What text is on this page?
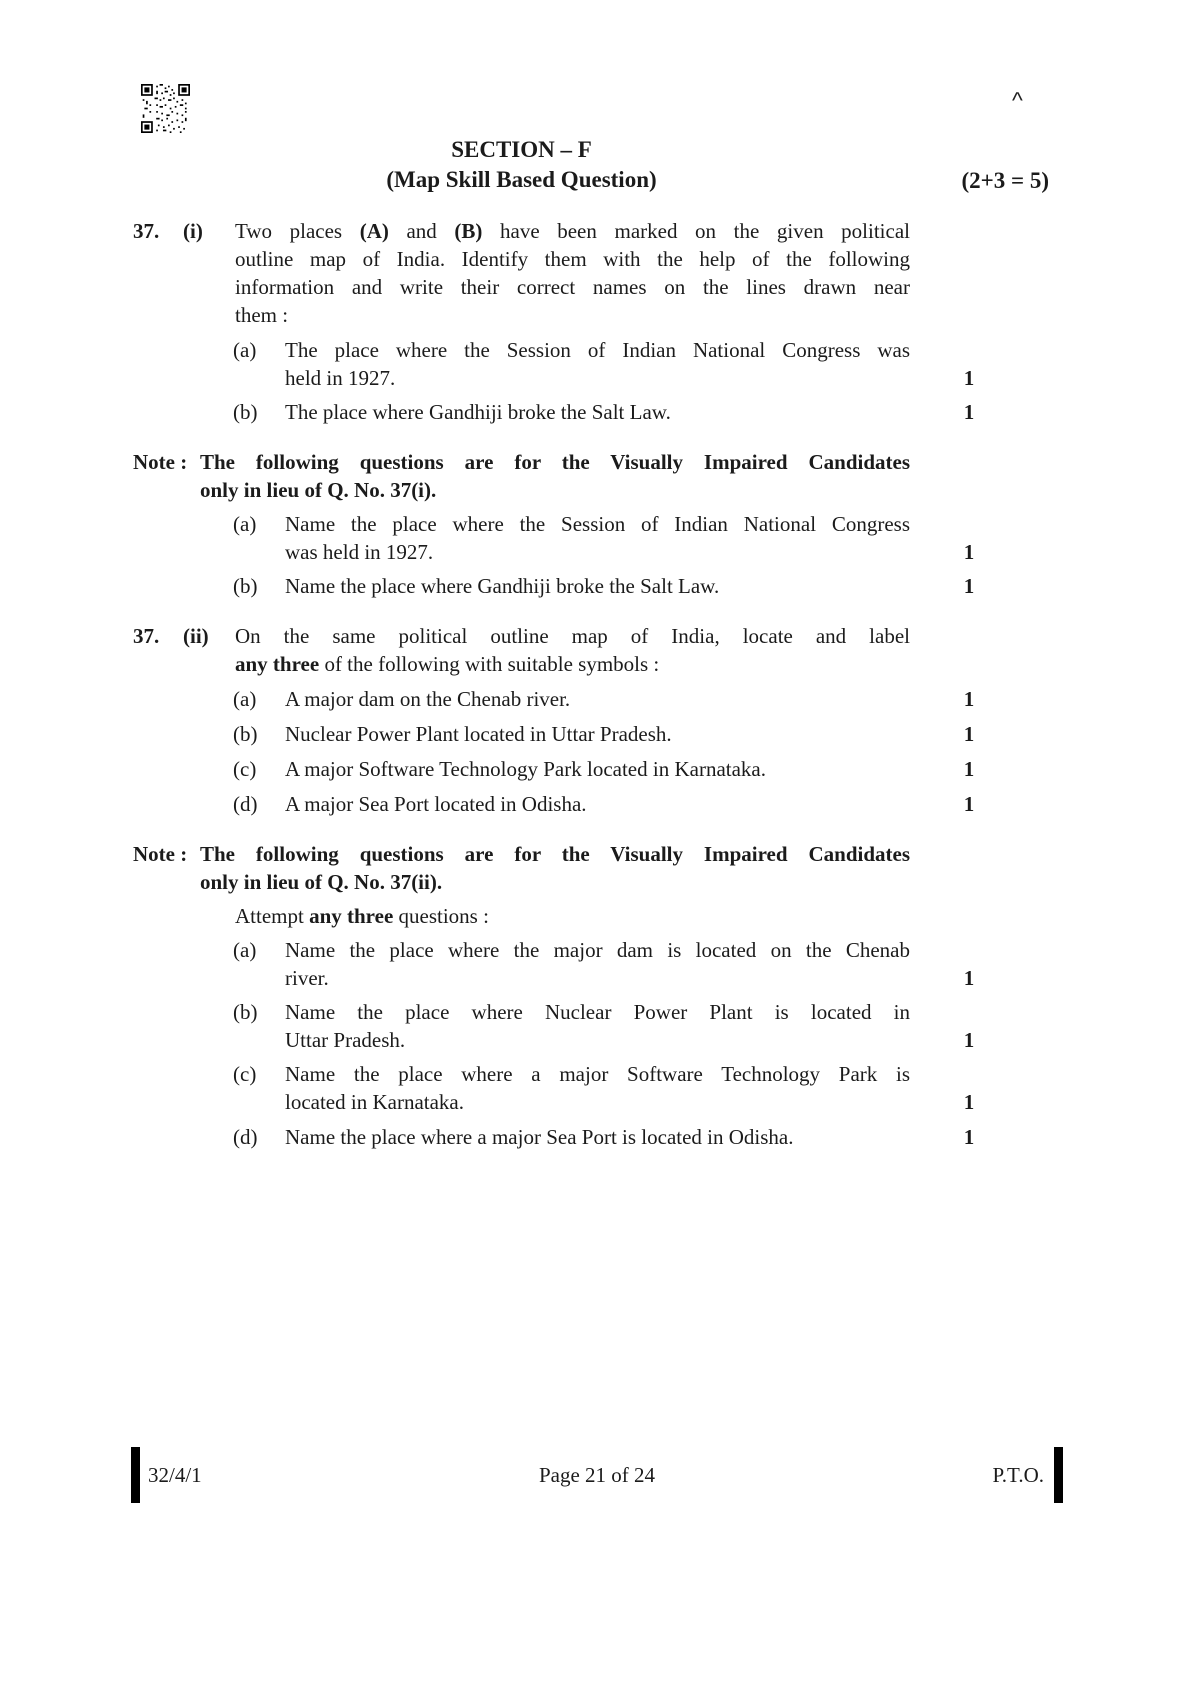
^
SECTION – F
(Map Skill Based Question)	(2+3 = 5)
37.	(i)	Two places (A) and (B) have been marked on the given political
outline map of India. Identify them with the help of the following
information and write their correct names on the lines drawn near
them :
(a)	The place where the Session of Indian National Congress was
held in 1927.	1
(b)	The place where Gandhiji broke the Salt Law.	1
Note : The following questions are for the Visually Impaired Candidates
only in lieu of Q. No. 37(i).
(a)	Name the place where the Session of Indian National Congress
was held in 1927.	1
(b)	Name the place where Gandhiji broke the Salt Law.	1
37.	(ii)	On the same political outline map of India, locate and label
any three of the following with suitable symbols :
(a)	A major dam on the Chenab river.	1
(b)	Nuclear Power Plant located in Uttar Pradesh.	1
(c)	A major Software Technology Park located in Karnataka.	1
(d)	A major Sea Port located in Odisha.	1
Note : The following questions are for the Visually Impaired Candidates
only in lieu of Q. No. 37(ii).
Attempt any three questions :
(a)	Name the place where the major dam is located on the Chenab
river.	1
(b)	Name the place where Nuclear Power Plant is located in
Uttar Pradesh.	1
(c)	Name the place where a major Software Technology Park is
located in Karnataka.	1
(d)	Name the place where a major Sea Port is located in Odisha.	1
Page 21 of 24
32/4/1	P.T.O.
